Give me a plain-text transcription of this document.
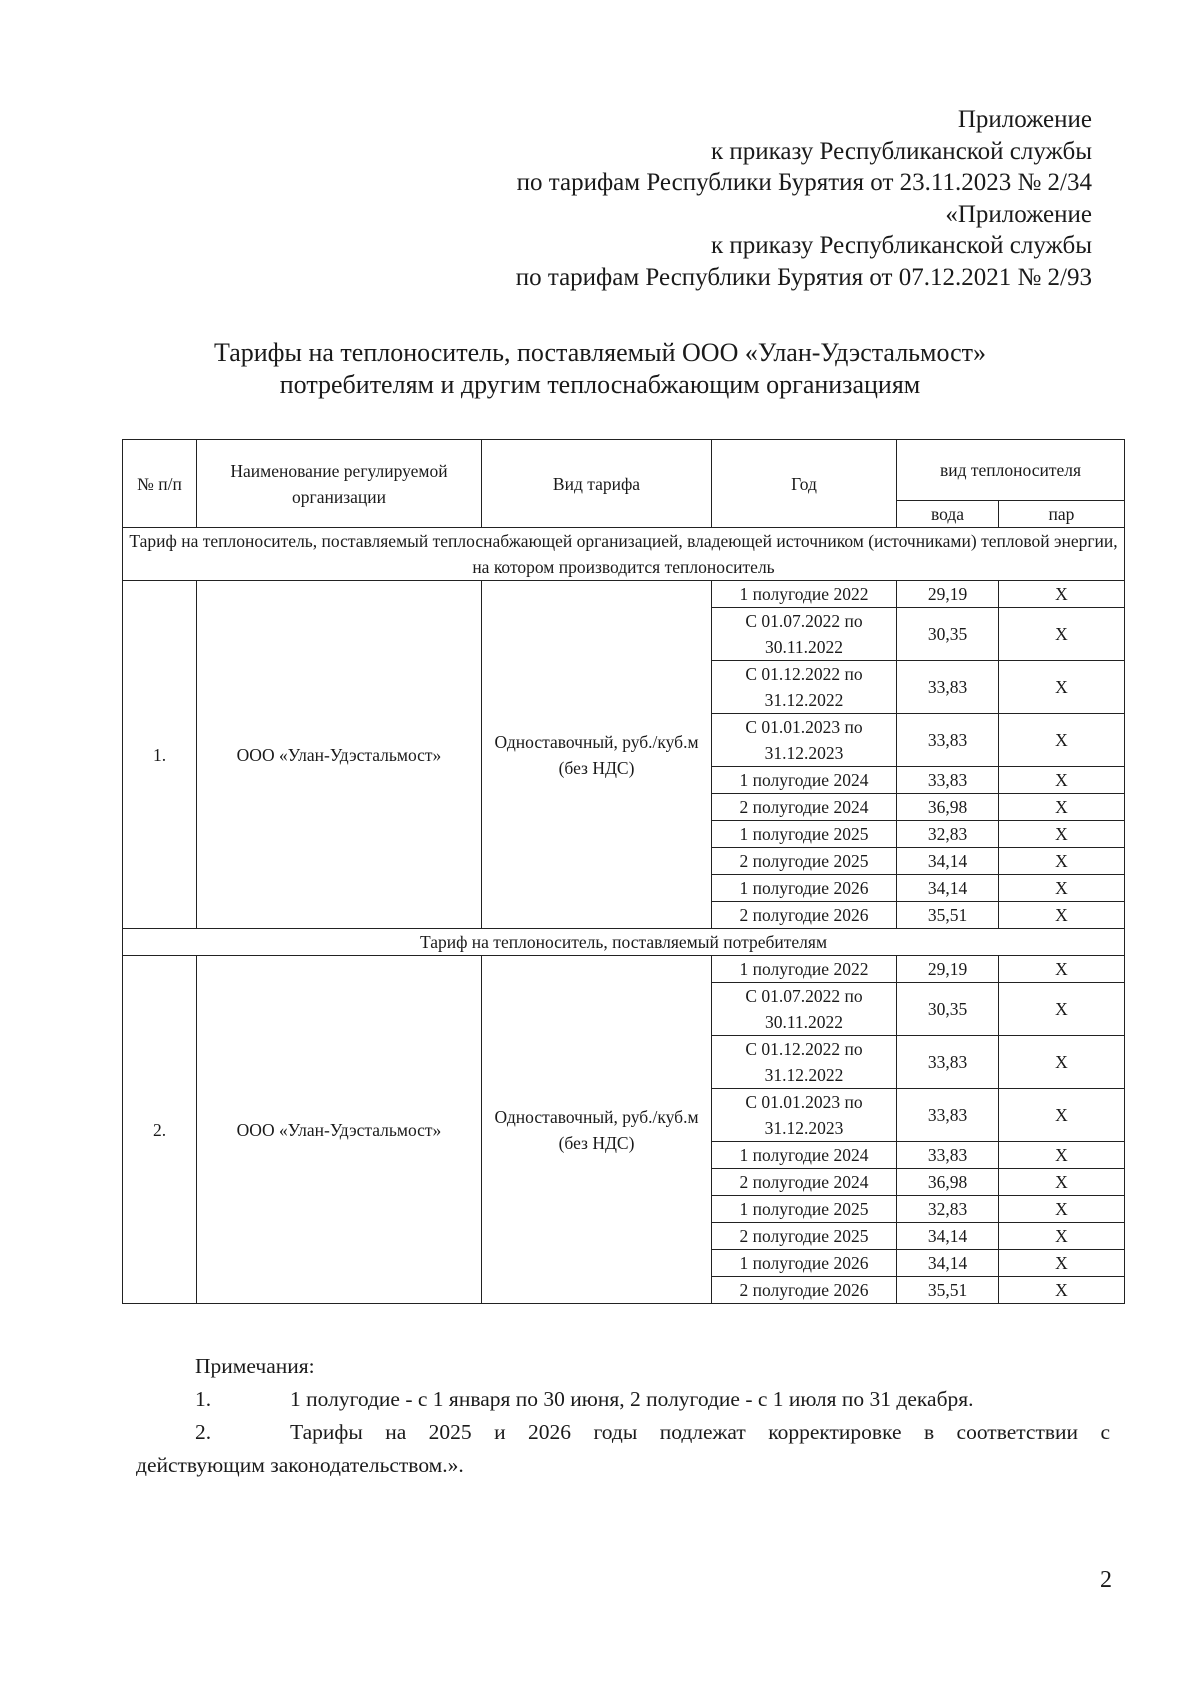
Приложение
к приказу Республиканской службы
по тарифам Республики Бурятия от 23.11.2023 № 2/34
«Приложение
к приказу Республиканской службы
по тарифам Республики Бурятия от 07.12.2021 № 2/93
Тарифы на теплоноситель, поставляемый ООО «Улан-Удэстальмост»
потребителям и другим теплоснабжающим организациям
№ п/п	Наименование регулируемой организации	Вид тарифа	Год	вид теплоносителя	
				вода	пар
Тариф на теплоноситель, поставляемый теплоснабжающей организацией, владеющей источником (источниками) тепловой энергии, на котором производится теплоноситель					
1.	ООО «Улан-Удэстальмост»	Одноставочный, руб./куб.м (без НДС)	1 полугодие 2022	29,19	Х
			С 01.07.2022 по 30.11.2022	30,35	Х
			С 01.12.2022 по 31.12.2022	33,83	Х
			С 01.01.2023 по 31.12.2023	33,83	Х
			1 полугодие 2024	33,83	Х
			2 полугодие 2024	36,98	Х
			1 полугодие 2025	32,83	Х
			2 полугодие 2025	34,14	Х
			1 полугодие 2026	34,14	Х
			2 полугодие 2026	35,51	Х
Тариф на теплоноситель, поставляемый потребителям					
2.	ООО «Улан-Удэстальмост»	Одноставочный, руб./куб.м (без НДС)	1 полугодие 2022	29,19	Х
			С 01.07.2022 по 30.11.2022	30,35	Х
			С 01.12.2022 по 31.12.2022	33,83	Х
			С 01.01.2023 по 31.12.2023	33,83	Х
			1 полугодие 2024	33,83	Х
			2 полугодие 2024	36,98	Х
			1 полугодие 2025	32,83	Х
			2 полугодие 2025	34,14	Х
			1 полугодие 2026	34,14	Х
			2 полугодие 2026	35,51	Х
Примечания:
1.	1 полугодие - с 1 января по 30 июня, 2 полугодие - с 1 июля по 31 декабря.
2.	Тарифы на 2025 и 2026 годы подлежат корректировке в соответствии с
действующим законодательством.».
2
